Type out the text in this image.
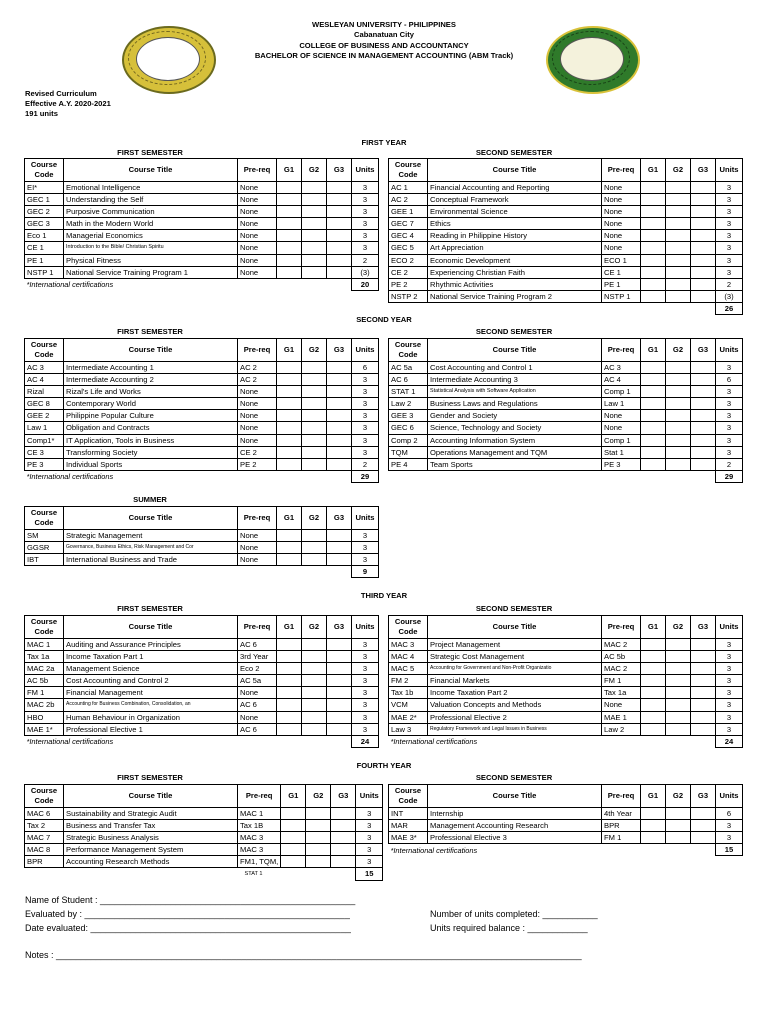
WESLEYAN UNIVERSITY - PHILIPPINES
Cabanatuan City
COLLEGE OF BUSINESS AND ACCOUNTANCY
BACHELOR OF SCIENCE IN MANAGEMENT ACCOUNTING (ABM Track)
Revised Curriculum
Effective A.Y. 2020-2021
191 units
FIRST YEAR
SECOND YEAR
THIRD YEAR
FOURTH YEAR
FIRST SEMESTER	SECOND SEMESTER
FIRST SEMESTER	SECOND SEMESTER
SUMMER
FIRST SEMESTER	SECOND SEMESTER
FIRST SEMESTER	SECOND SEMESTER
Course Code	Course Title	Pre-req	G1	G2	G3	Units
EI*	Emotional Intelligence	None				3
GEC 1	Understanding the Self	None				3
GEC 2	Purposive Communication	None				3
GEC 3	Math in the Modern World	None				3
Eco 1	Managerial Economics	None				3
CE 1	Introduction to the Bible/ Christian Spiritu	None				3
PE 1	Physical Fitness	None				2
NSTP 1	National Service Training Program 1	None				(3)
*International certifications						20
Course Code	Course Title	Pre-req	G1	G2	G3	Units
AC 1	Financial Accounting and Reporting	None				3
AC 2	Conceptual Framework	None				3
GEE 1	Environmental Science	None				3
GEC 7	Ethics	None				3
GEC 4	Reading in Philippine History	None				3
GEC 5	Art Appreciation	None				3
ECO 2	Economic Development	ECO 1				3
CE 2	Experiencing Christian Faith	CE 1				3
PE 2	Rhythmic Activities	PE 1				2
NSTP 2	National Service Training Program 2	NSTP 1				(3)
						26
Course Code	Course Title	Pre-req	G1	G2	G3	Units
AC 3	Intermediate Accounting 1	AC 2				6
AC 4	Intermediate Accounting 2	AC 2				3
Rizal	Rizal's Life and Works	None				3
GEC 8	Contemporary World	None				3
GEE 2	Philippine Popular Culture	None				3
Law 1	Obligation and Contracts	None				3
Comp1*	IT Application, Tools in Business	None				3
CE 3	Transforming Society	CE 2				3
PE 3	Individual Sports	PE 2				2
*International certifications						29
Course Code	Course Title	Pre-req	G1	G2	G3	Units
AC 5a	Cost Accounting and Control 1	AC 3				3
AC 6	Intermediate Accounting 3	AC 4				6
STAT 1	Statistical Analysis with Software Application	Comp 1				3
Law 2	Business Laws and Regulations	Law 1				3
GEE 3	Gender and Society	None				3
GEC 6	Science, Technology and Society	None				3
Comp 2	Accounting Information System	Comp 1				3
TQM	Operations Management and TQM	Stat 1				3
PE 4	Team Sports	PE 3				2
						29
Course Code	Course Title	Pre-req	G1	G2	G3	Units
SM	Strategic Management	None				3
GGSR	Governance, Business Ethics, Risk Management and Cor	None				3
IBT	International Business and Trade	None				3
						9
Course Code	Course Title	Pre-req	G1	G2	G3	Units
MAC 1	Auditing and Assurance Principles	AC 6				3
Tax 1a	Income Taxation Part 1	3rd Year				3
MAC 2a	Management Science	Eco 2				3
AC 5b	Cost Accounting and Control 2	AC 5a				3
FM 1	Financial Management	None				3
MAC 2b	Accounting for Business Combination, Consolidation, an	AC 6				3
HBO	Human Behaviour in Organization	None				3
MAE 1*	Professional Elective 1	AC 6				3
*International certifications						24
Course Code	Course Title	Pre-req	G1	G2	G3	Units
MAC 3	Project Management	MAC 2				3
MAC 4	Strategic Cost Management	AC 5b				3
MAC 5	Accounting for Government and Non-Profit Organizatio	MAC 2				3
FM 2	Financial Markets	FM 1				3
Tax 1b	Income Taxation Part 2	Tax 1a				3
VCM	Valuation Concepts and Methods	None				3
MAE 2*	Professional Elective 2	MAE 1				3
Law 3	Regulatory Framework and Legal Issues in Business	Law 2				3
*International certifications						24
Course Code	Course Title	Pre-req	G1	G2	G3	Units
MAC 6	Sustainability and Strategic Audit	MAC 1				3
Tax 2	Business and Transfer Tax	Tax 1B				3
MAC 7	Strategic Business Analysis	MAC 3				3
MAC 8	Performance Management System	MAC 3				3
BPR	Accounting Research Methods	FM1, TQM,				3
STAT 1						15
Course Code	Course Title	Pre-req	G1	G2	G3	Units
INT	Internship	4th Year				6
MAR	Management Accounting Research	BPR				3
MAE 3*	Professional Elective 3	FM 1				3
*International certifications						15
Name of Student : ___________________________________________________
Evaluated by : _____________________________________________________
Date evaluated: ____________________________________________________
Number of units completed: ___________
Units required balance : ____________
Notes : _________________________________________________________________________________________________________
